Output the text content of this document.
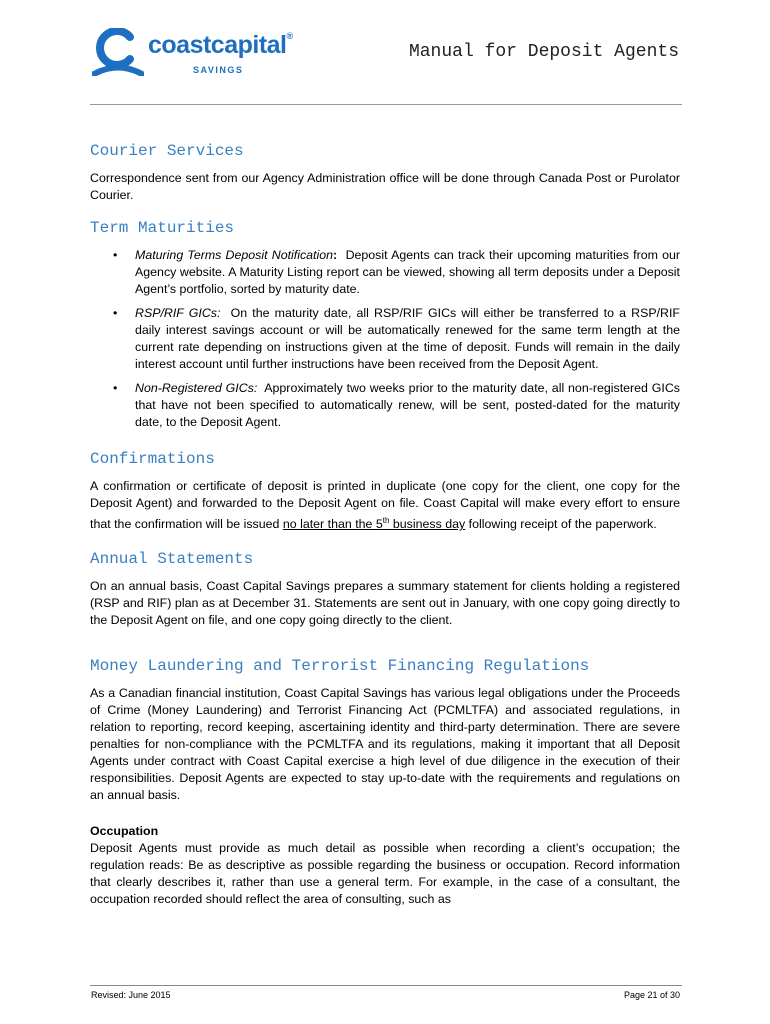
coastcapital®
SAVINGS
Manual for Deposit Agents
Courier Services

Correspondence sent from our Agency Administration office will be done through Canada Post or Purolator Courier.

Term Maturities
• Maturing Terms Deposit Notification: Deposit Agents can track their upcoming maturities from our Agency website. A Maturity Listing report can be viewed, showing all term deposits under a Deposit Agent’s portfolio, sorted by maturity date.
• RSP/RIF GICs: On the maturity date, all RSP/RIF GICs will either be transferred to a RSP/RIF daily interest savings account or will be automatically renewed for the same term length at the current rate depending on instructions given at the time of deposit. Funds will remain in the daily interest account until further instructions have been received from the Deposit Agent.
• Non-Registered GICs: Approximately two weeks prior to the maturity date, all non-registered GICs that have not been specified to automatically renew, will be sent, posted-dated for the maturity date, to the Deposit Agent.
Confirmations

A confirmation or certificate of deposit is printed in duplicate (one copy for the client, one copy for the Deposit Agent) and forwarded to the Deposit Agent on file. Coast Capital will make every effort to ensure that the confirmation will be issued no later than the 5th business day following receipt of the paperwork.

Annual Statements

On an annual basis, Coast Capital Savings prepares a summary statement for clients holding a registered (RSP and RIF) plan as at December 31. Statements are sent out in January, with one copy going directly to the Deposit Agent on file, and one copy going directly to the client.

Money Laundering and Terrorist Financing Regulations

As a Canadian financial institution, Coast Capital Savings has various legal obligations under the Proceeds of Crime (Money Laundering) and Terrorist Financing Act (PCMLTFA) and associated regulations, in relation to reporting, record keeping, ascertaining identity and third-party determination. There are severe penalties for non-compliance with the PCMLTFA and its regulations, making it important that all Deposit Agents under contract with Coast Capital exercise a high level of due diligence in the execution of their responsibilities. Deposit Agents are expected to stay up-to-date with the requirements and regulations on an annual basis.

Occupation

Deposit Agents must provide as much detail as possible when recording a client’s occupation; the regulation reads: Be as descriptive as possible regarding the business or occupation. Record information that clearly describes it, rather than use a general term. For example, in the case of a consultant, the occupation recorded should reflect the area of consulting, such as

Revised: June 2015	Page 21 of 30
